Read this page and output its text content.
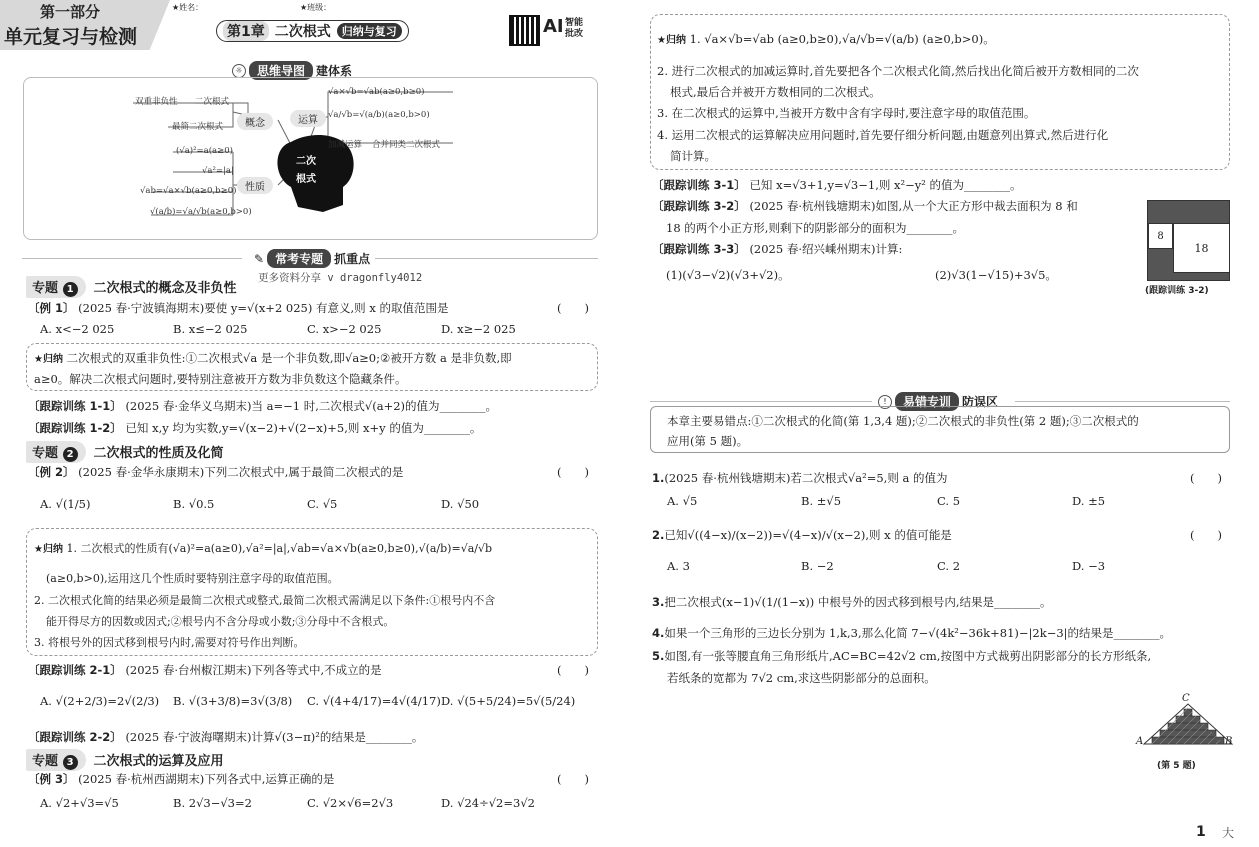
第一部分
单元复习与检测
★姓名：	★班级：
第1章 二次根式	归纳与复习	AI 智能批改
☼	思维导图 建体系
双重非负性 二次根式
最简二次根式	概念
性质
运算
(√a)²=a(a≥0)
√a²=|a|
√ab=√a×√b(a≥0,b≥0)
√(a/b)=√a/√b(a≥0,b>0)
√a×√b=√ab(a≥0,b≥0)
√a/√b=√(a/b)(a≥0,b>0)
加减运算 合并同类二次根式
二次
根式
✎ 常考专题 抓重点
更多资料分享 v dragonfly4012
专题 1 二次根式的概念及非负性
〔例 1〕 (2025 春·宁波镇海期末)要使 y=√(x+2 025) 有意义,则 x 的取值范围是	(　　)
A. x<−2 025	B. x≤−2 025	C. x>−2 025	D. x≥−2 025
★归纳 二次根式的双重非负性:①二次根式√a 是一个非负数,即√a≥0;②被开方数 a 是非负数,即
a≥0。解决二次根式问题时,要特别注意被开方数为非负数这个隐藏条件。
〔跟踪训练 1-1〕 (2025 春·金华义乌期末)当 a=−1 时,二次根式√(a+2)的值为________。
〔跟踪训练 1-2〕 已知 x,y 均为实数,y=√(x−2)+√(2−x)+5,则 x+y 的值为________。
专题 2 二次根式的性质及化简
〔例 2〕 (2025 春·金华永康期末)下列二次根式中,属于最简二次根式的是	(　　)
A. √(1/5)	B. √0.5	C. √5	D. √50
★归纳 1. 二次根式的性质有(√a)²=a(a≥0),√a²=|a|,√ab=√a×√b(a≥0,b≥0),√(a/b)=√a/√b
(a≥0,b>0),运用这几个性质时要特别注意字母的取值范围。
2. 二次根式化简的结果必须是最简二次根式或整式,最简二次根式需满足以下条件:①根号内不含
能开得尽方的因数或因式;②根号内不含分母或小数;③分母中不含根式。
3. 将根号外的因式移到根号内时,需要对符号作出判断。
〔跟踪训练 2-1〕 (2025 春·台州椒江期末)下列各等式中,不成立的是	(　　)
A. √(2+2/3)=2√(2/3) B. √(3+3/8)=3√(3/8) C. √(4+4/17)=4√(4/17) D. √(5+5/24)=5√(5/24)
〔跟踪训练 2-2〕 (2025 春·宁波海曙期末)计算√(3−π)²的结果是________。
专题 3 二次根式的运算及应用
〔例 3〕 (2025 春·杭州西湖期末)下列各式中,运算正确的是	(　　)
A. √2+√3=√5	B. 2√3−√3=2	C. √2×√6=2√3	D. √24÷√2=3√2
★归纳 1. √a×√b=√ab (a≥0,b≥0),√a/√b=√(a/b) (a≥0,b>0)。
2. 进行二次根式的加减运算时,首先要把各个二次根式化简,然后找出化简后被开方数相同的二次
根式,最后合并被开方数相同的二次根式。
3. 在二次根式的运算中,当被开方数中含有字母时,要注意字母的取值范围。
4. 运用二次根式的运算解决应用问题时,首先要仔细分析问题,由题意列出算式,然后进行化
简计算。
〔跟踪训练 3-1〕 已知 x=√3+1,y=√3−1,则 x²−y² 的值为________。
〔跟踪训练 3-2〕 (2025 春·杭州钱塘期末)如图,从一个大正方形中裁去面积为 8 和
18 的两个小正方形,则剩下的阴影部分的面积为________。
〔跟踪训练 3-3〕 (2025 春·绍兴嵊州期末)计算:
(1)(√3−√2)(√3+√2)。	(2)√3(1−√15)+3√5。
8
18
(跟踪训练 3-2)
!	易错专训 防误区
本章主要易错点:①二次根式的化简(第 1,3,4 题);②二次根式的非负性(第 2 题);③二次根式的
应用(第 5 题)。
1.(2025 春·杭州钱塘期末)若二次根式√a²=5,则 a 的值为	(　　)
A. √5	B. ±√5	C. 5	D. ±5
2.已知√((4−x)/(x−2))=√(4−x)/√(x−2),则 x 的值可能是	(　　)
A. 3	B. −2	C. 2	D. −3
3.把二次根式(x−1)√(1/(1−x)) 中根号外的因式移到根号内,结果是________。
4.如果一个三角形的三边长分别为 1,k,3,那么化简 7−√(4k²−36k+81)−|2k−3|的结果是________。
5.如图,有一张等腰直角三角形纸片,AC=BC=42√2 cm,按图中方式裁剪出阴影部分的长方形纸条,
若纸条的宽都为 7√2 cm,求这些阴影部分的总面积。
A	B
C
(第 5 题)
1 大
